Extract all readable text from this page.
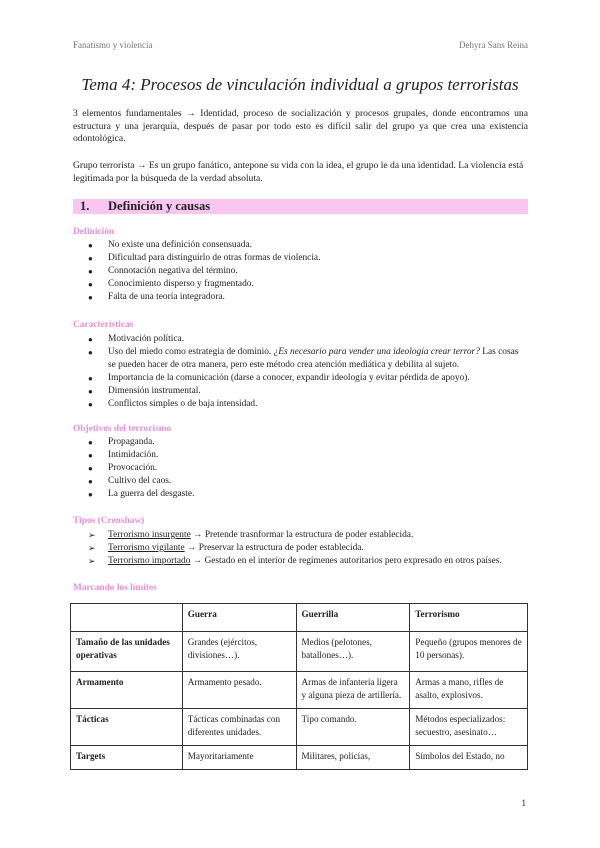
Fanatismo y violencia	Dehyra Sans Reina
Tema 4: Procesos de vinculación individual a grupos terroristas
3 elementos fundamentales → Identidad, proceso de socialización y procesos grupales, donde encontramos una estructura y una jerarquía, después de pasar por todo esto es difícil salir del grupo ya que crea una existencia odontológica.
Grupo terrorista → Es un grupo fanático, antepone su vida con la idea, el grupo le da una identidad. La violencia está legitimada por la búsqueda de la verdad absoluta.
1. Definición y causas
Definición
● No existe una definición consensuada.
● Dificultad para distinguirlo de otras formas de violencia.
● Connotación negativa del término.
● Conocimiento disperso y fragmentado.
● Falta de una teoría integradora.
Características
● Motivación política.
● Uso del miedo como estrategia de dominio. ¿Es necesario para vender una ideología crear terror? Las cosas se pueden hacer de otra manera, pero este método crea atención mediática y debilita al sujeto.
● Importancia de la comunicación (darse a conocer, expandir ideología y evitar pérdida de apoyo).
● Dimensión instrumental.
● Conflictos simples o de baja intensidad.
Objetivos del terrorismo
● Propaganda.
● Intimidación.
● Provocación.
● Cultivo del caos.
● La guerra del desgaste.
Tipos (Crenshaw)
➢ Terrorismo insurgente → Pretende trasnformar la estructura de poder establecida.
➢ Terrorismo vigilante → Preservar la estructura de poder establecida.
➢ Terrorismo importado → Gestado en el interior de regímenes autoritarios pero expresado en otros países.
Marcando los límites
	Guerra	Guerrilla	Terrorismo
Tamaño de las unidades operativas	Grandes (ejércitos, divisiones…).	Medios (pelotones, batallones…).	Pequeño (grupos menores de 10 personas).
Armamento	Armamento pesado.	Armas de infantería ligera y alguna pieza de artillería.	Armas a mano, rifles de asalto, explosivos.
Tácticas	Tácticas combinadas con diferentes unidades.	Tipo comando.	Métodos especializados: secuestro, asesinato…
Targets	Mayoritariamente	Militares, policías,	Símbolos del Estado, no
1
